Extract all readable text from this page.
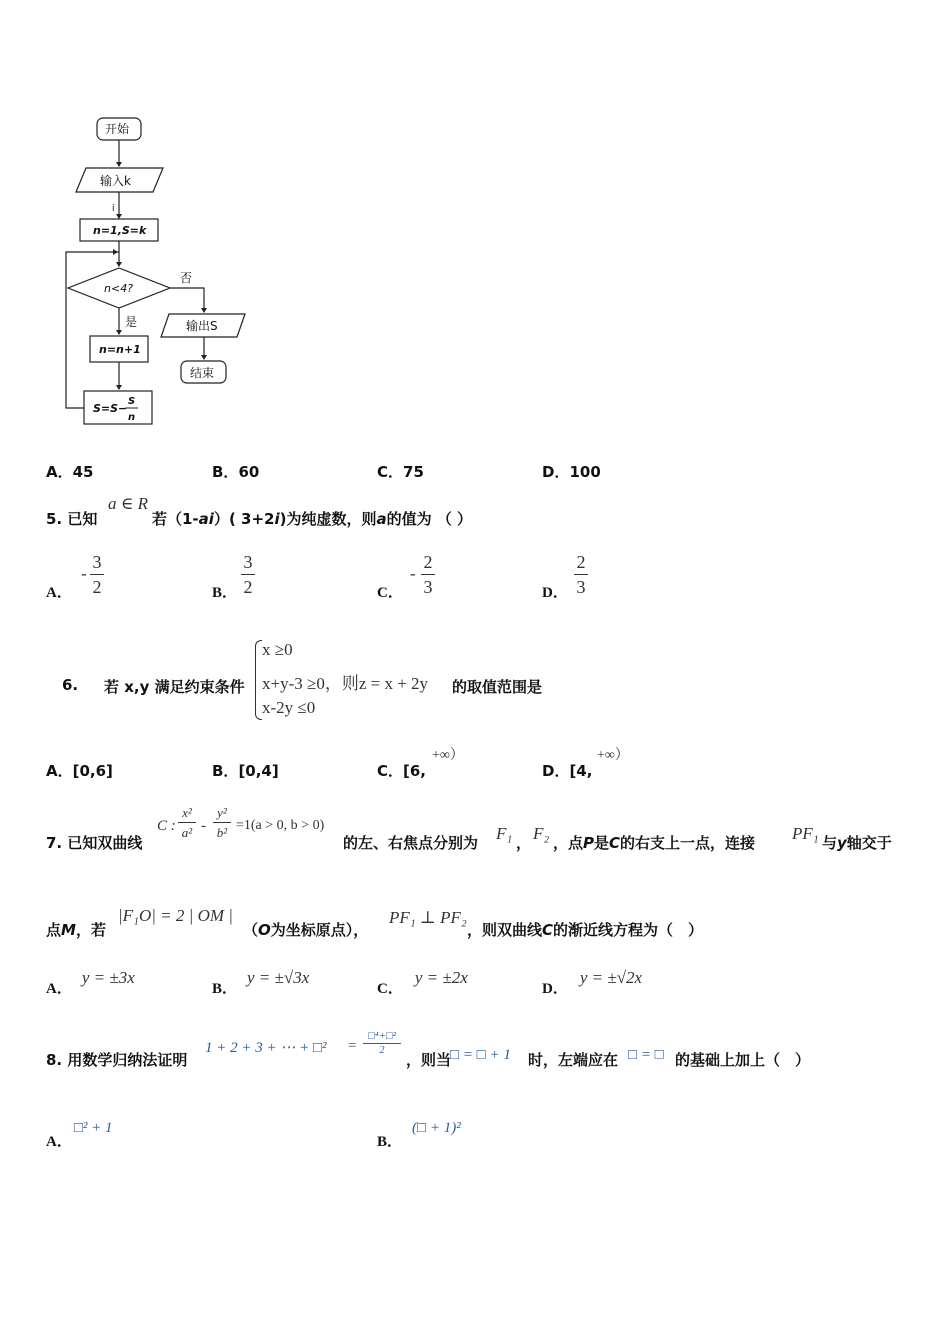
开始
输入k
i
n=1,S=k
n<4?
否
是	输出S
结束
n=n+1
S=S−
S
n
A．45	B．60	C．75	D．100
5. 已知
a ∈ R
若（1-ai）( 3+2i)为纯虚数，则a的值为 （ ）
A． -
3
2	B．
3
2	C． -
2
3	D．
2
3
6. 若 x,y 满足约束条件
x ≥0
x+y-3 ≥0，则z = x + 2y
x-2y ≤0
的取值范围是
A．[0,6]	B．[0,4]	C．[6,
+∞）
D．[4,
+∞）
7. 已知双曲线
C :
x²
a² -
y²
b² =1(a > 0, b > 0)
的左、右焦点分别为 F₁ ， F₂ ，点P是C的右支上一点，连接 PF₁ 与y轴交于
点M，若
|F₁O| = 2 | OM |
（O为坐标原点），
PF₁ ⊥ PF₂
，则双曲线C的渐近线方程为（　）
A．y = ±3x
B．y = ±√3x
C．y = ±2x
D．y = ±√2x
8. 用数学归纳法证明
1 + 2 + 3 + ⋯ + □² =
□⁴+□²
2
，则当
□ = □ + 1 时，左端应在 □ = □ 的基础上加上（　）
A．□² + 1
B．(□ + 1)²
